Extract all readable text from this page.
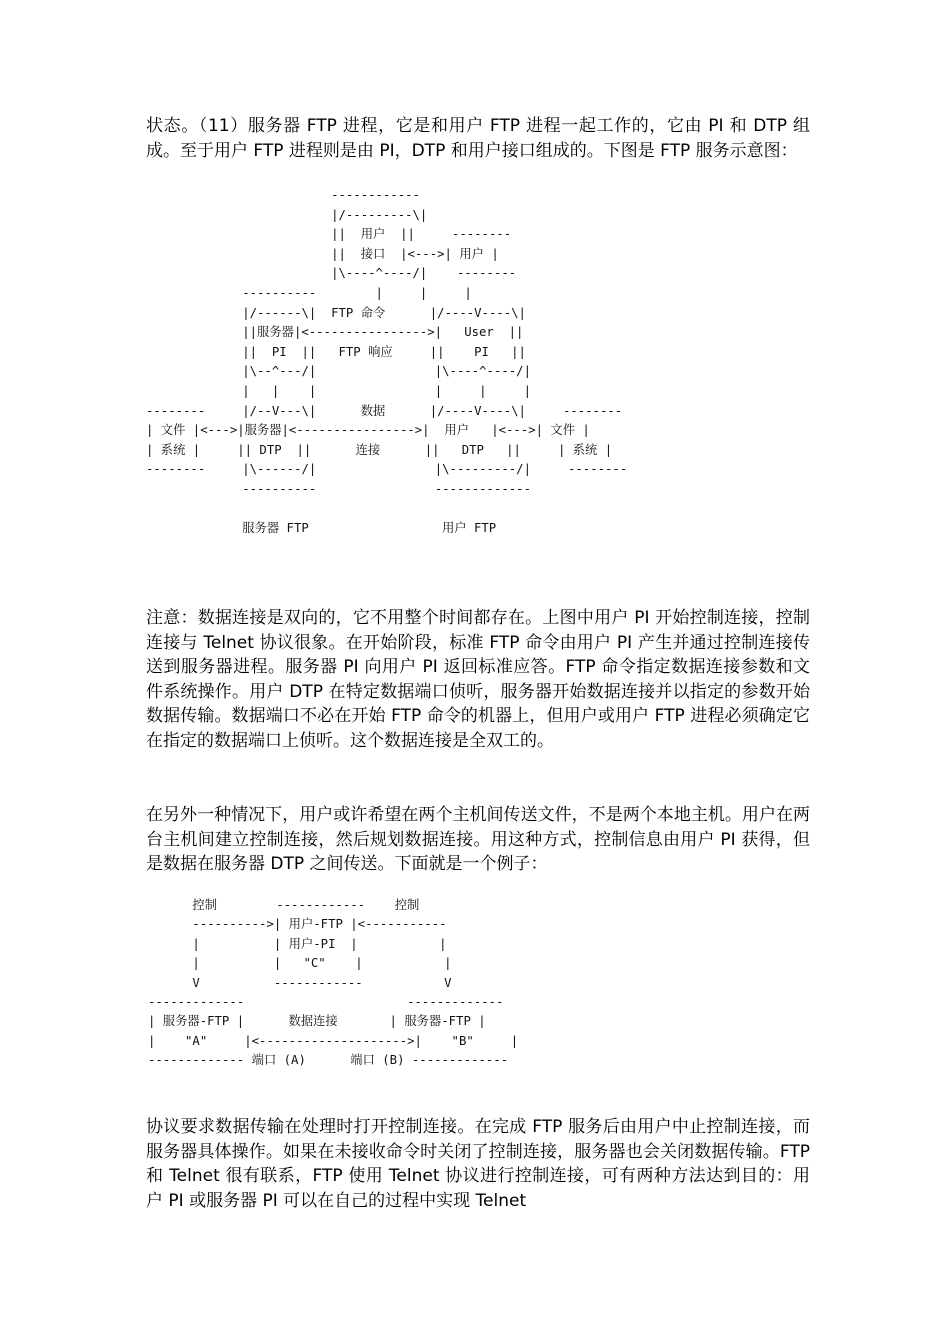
状态。（11）服务器 FTP 进程，它是和用户 FTP 进程一起工作的，它由 PI 和 DTP 组成。至于用户 FTP 进程则是由 PI，DTP 和用户接口组成的。下图是 FTP 服务示意图：

------------
|/---------\|
||  用户  ||     --------
||  接口  |<--->| 用户 |
|\----^----/|    --------
----------        |     |     |
|/------\|  FTP 命令      |/----V----\|
||服务器|<---------------->|   User  ||
||  PI  ||   FTP 响应     ||    PI   ||
|\--^---/|                |\----^----/|
|   |    |                |     |     |
--------     |/--V---\|      数据      |/----V----\|     --------
| 文件 |<--->|服务器|<---------------->|  用户   |<--->| 文件 |
| 系统 |     || DTP  ||      连接      ||   DTP   ||     | 系统 |
--------     |\------/|                |\---------/|     --------
----------                -------------

服务器 FTP                  用户 FTP

注意：数据连接是双向的，它不用整个时间都存在。上图中用户 PI 开始控制连接，控制连接与 Telnet 协议很象。在开始阶段，标准 FTP 命令由用户 PI 产生并通过控制连接传送到服务器进程。服务器 PI 向用户 PI 返回标准应答。FTP 命令指定数据连接参数和文件系统操作。用户 DTP 在特定数据端口侦听，服务器开始数据连接并以指定的参数开始数据传输。数据端口不必在开始 FTP 命令的机器上，但用户或用户 FTP 进程必须确定它在指定的数据端口上侦听。这个数据连接是全双工的。

在另外一种情况下，用户或许希望在两个主机间传送文件，不是两个本地主机。用户在两台主机间建立控制连接，然后规划数据连接。用这种方式，控制信息由用户 PI 获得，但是数据在服务器 DTP 之间传送。下面就是一个例子：

控制        ------------    控制
---------->| 用户-FTP |<-----------
|          | 用户-PI  |           |
|          |   "C"    |           |
V          ------------           V
-------------                      -------------
| 服务器-FTP |      数据连接       | 服务器-FTP |
|    "A"     |<-------------------->|    "B"     |
------------- 端口 (A)      端口 (B) -------------

协议要求数据传输在处理时打开控制连接。在完成 FTP 服务后由用户中止控制连接，而服务器具体操作。如果在未接收命令时关闭了控制连接，服务器也会关闭数据传输。FTP 和 Telnet 很有联系，FTP 使用 Telnet 协议进行控制连接，可有两种方法达到目的：用户 PI 或服务器 PI 可以在自己的过程中实现 Telnet
